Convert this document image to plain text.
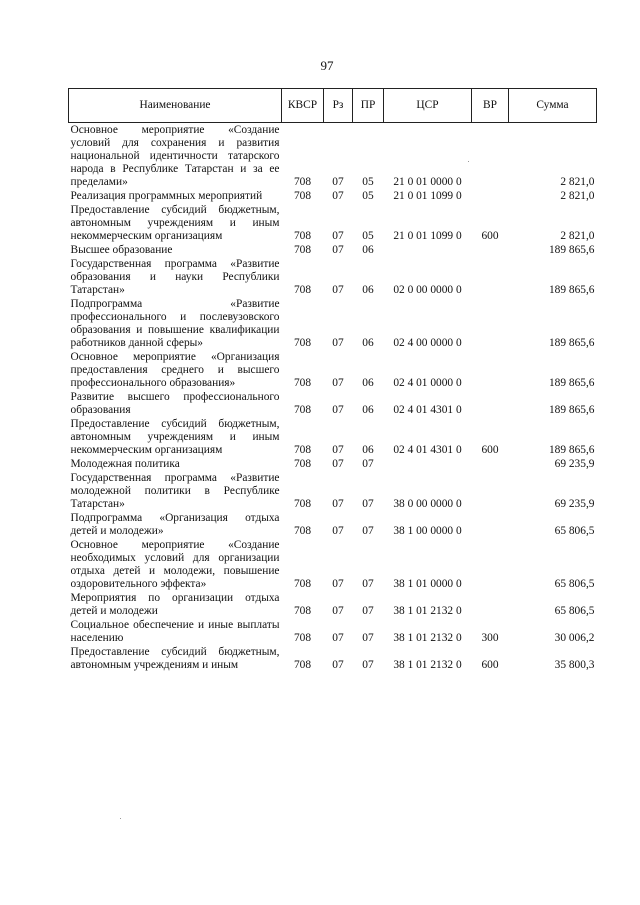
97
Наименование	КВСР	Рз	ПР	ЦСР	ВР	Сумма
Основное мероприятие «Создание условий для сохранения и развития национальной идентичности татарского народа в Республике Татарстан и за ее пределами»	708	07	05	21 0 01 0000 0		2 821,0
Реализация программных мероприятий	708	07	05	21 0 01 1099 0		2 821,0
Предоставление субсидий бюджетным, автономным учреждениям и иным некоммерческим организациям	708	07	05	21 0 01 1099 0	600	2 821,0
Высшее образование	708	07	06			189 865,6
Государственная программа «Развитие образования и науки Республики Татарстан»	708	07	06	02 0 00 0000 0		189 865,6
Подпрограмма «Развитие профессионального и послевузовского образования и повышение квалификации работников данной сферы»	708	07	06	02 4 00 0000 0		189 865,6
Основное мероприятие «Организация предоставления среднего и высшего профессионального образования»	708	07	06	02 4 01 0000 0		189 865,6
Развитие высшего профессионального образования	708	07	06	02 4 01 4301 0		189 865,6
Предоставление субсидий бюджетным, автономным учреждениям и иным некоммерческим организациям	708	07	06	02 4 01 4301 0	600	189 865,6
Молодежная политика	708	07	07			69 235,9
Государственная программа «Развитие молодежной политики в Республике Татарстан»	708	07	07	38 0 00 0000 0		69 235,9
Подпрограмма «Организация отдыха детей и молодежи»	708	07	07	38 1 00 0000 0		65 806,5
Основное мероприятие «Создание необходимых условий для организации отдыха детей и молодежи, повышение оздоровительного эффекта»	708	07	07	38 1 01 0000 0		65 806,5
Мероприятия по организации отдыха детей и молодежи	708	07	07	38 1 01 2132 0		65 806,5
Социальное обеспечение и иные выплаты населению	708	07	07	38 1 01 2132 0	300	30 006,2
Предоставление субсидий бюджетным, автономным учреждениям и иным	708	07	07	38 1 01 2132 0	600	35 800,3
